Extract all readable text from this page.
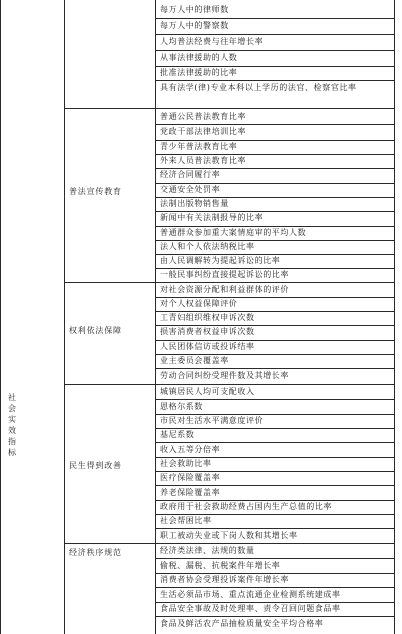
社
会
实
效
指
标
普法宣传教育
权利依法保障
民生得到改善
经济秩序规范
每万人中的律师数
每万人中的警察数
人均普法经费与往年增长率
从事法律援助的人数
批准法律援助的比率
具有法学(律)专业本科以上学历的法官、检察官比率
普通公民普法教育比率
党政干部法律培训比率
青少年普法教育比率
外来人员普法教育比率
经济合同履行率
交通安全处罚率
法制出版物销售量
新闻中有关法制报导的比率
普通群众参加重大案情庭审的平均人数
法人和个人依法纳税比率
由人民调解转为提起诉讼的比率
一般民事纠纷直接提起诉讼的比率
对社会资源分配和利益群体的评价
对个人权益保障评价
工青妇组织维权申诉次数
损害消费者权益申诉次数
人民团体信访或投诉结率
业主委员会覆盖率
劳动合同纠纷受理件数及其增长率
城镇居民人均可支配收入
恩格尔系数
市民对生活水平满意度评价
基尼系数
收入五等分倍率
社会救助比率
医疗保险覆盖率
养老保险覆盖率
政府用于社会救助经费占国内生产总值的比率
社会帮困比率
职工被动失业或下岗人数和其增长率
经济类法律、法规的数量
偷税、漏税、抗税案件年增长率
消费者协会受理投诉案件年增长率
生活必须品市场、重点流通企业检测系统建成率
食品安全事故及时处理率、责令召回问题食品率
食品及鲜活农产品抽检质量安全平均合格率
